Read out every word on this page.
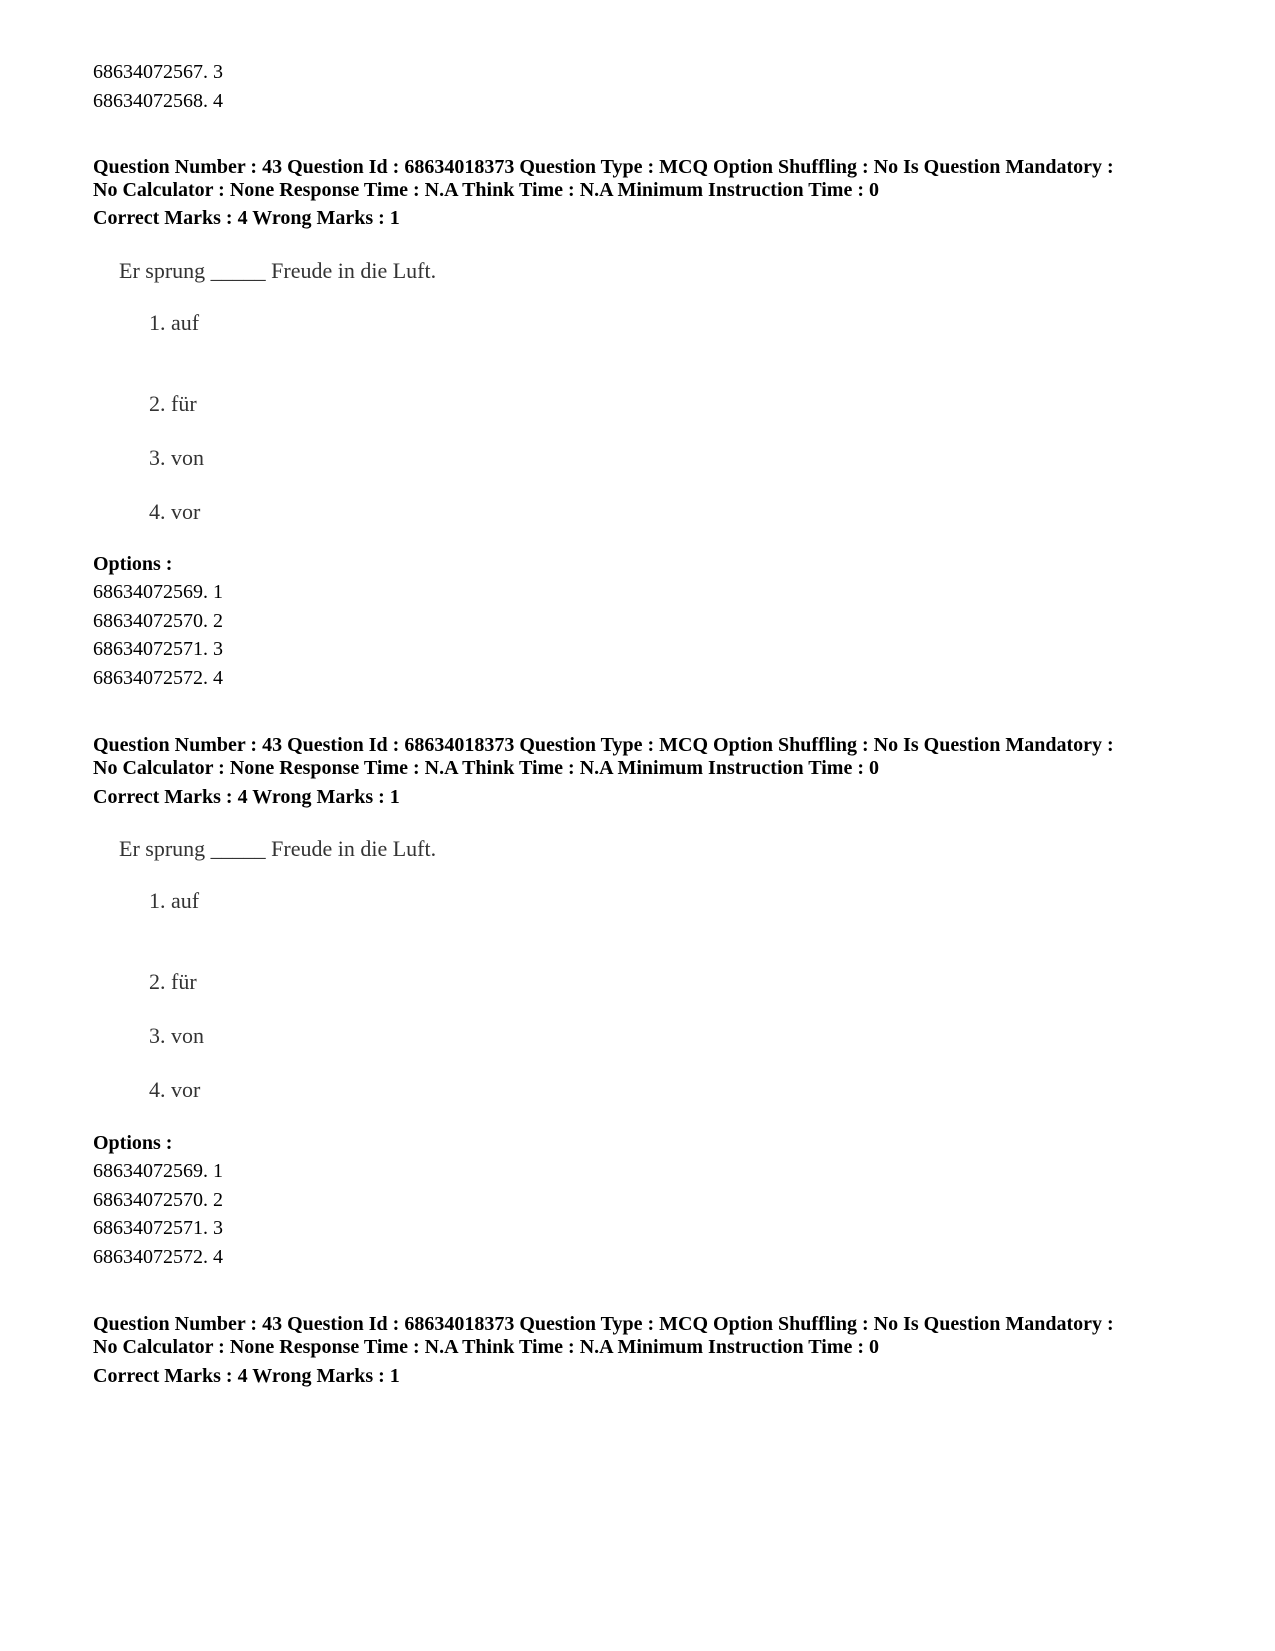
68634072567. 3
68634072568. 4
Question Number : 43 Question Id : 68634018373 Question Type : MCQ Option Shuffling : No Is Question Mandatory :
No Calculator : None Response Time : N.A Think Time : N.A Minimum Instruction Time : 0
Correct Marks : 4 Wrong Marks : 1
Er sprung _____ Freude in die Luft.
1. auf
2. für
3. von
4. vor
Options :
68634072569. 1
68634072570. 2
68634072571. 3
68634072572. 4
Question Number : 43 Question Id : 68634018373 Question Type : MCQ Option Shuffling : No Is Question Mandatory :
No Calculator : None Response Time : N.A Think Time : N.A Minimum Instruction Time : 0
Correct Marks : 4 Wrong Marks : 1
Er sprung _____ Freude in die Luft.
1. auf
2. für
3. von
4. vor
Options :
68634072569. 1
68634072570. 2
68634072571. 3
68634072572. 4
Question Number : 43 Question Id : 68634018373 Question Type : MCQ Option Shuffling : No Is Question Mandatory :
No Calculator : None Response Time : N.A Think Time : N.A Minimum Instruction Time : 0
Correct Marks : 4 Wrong Marks : 1
